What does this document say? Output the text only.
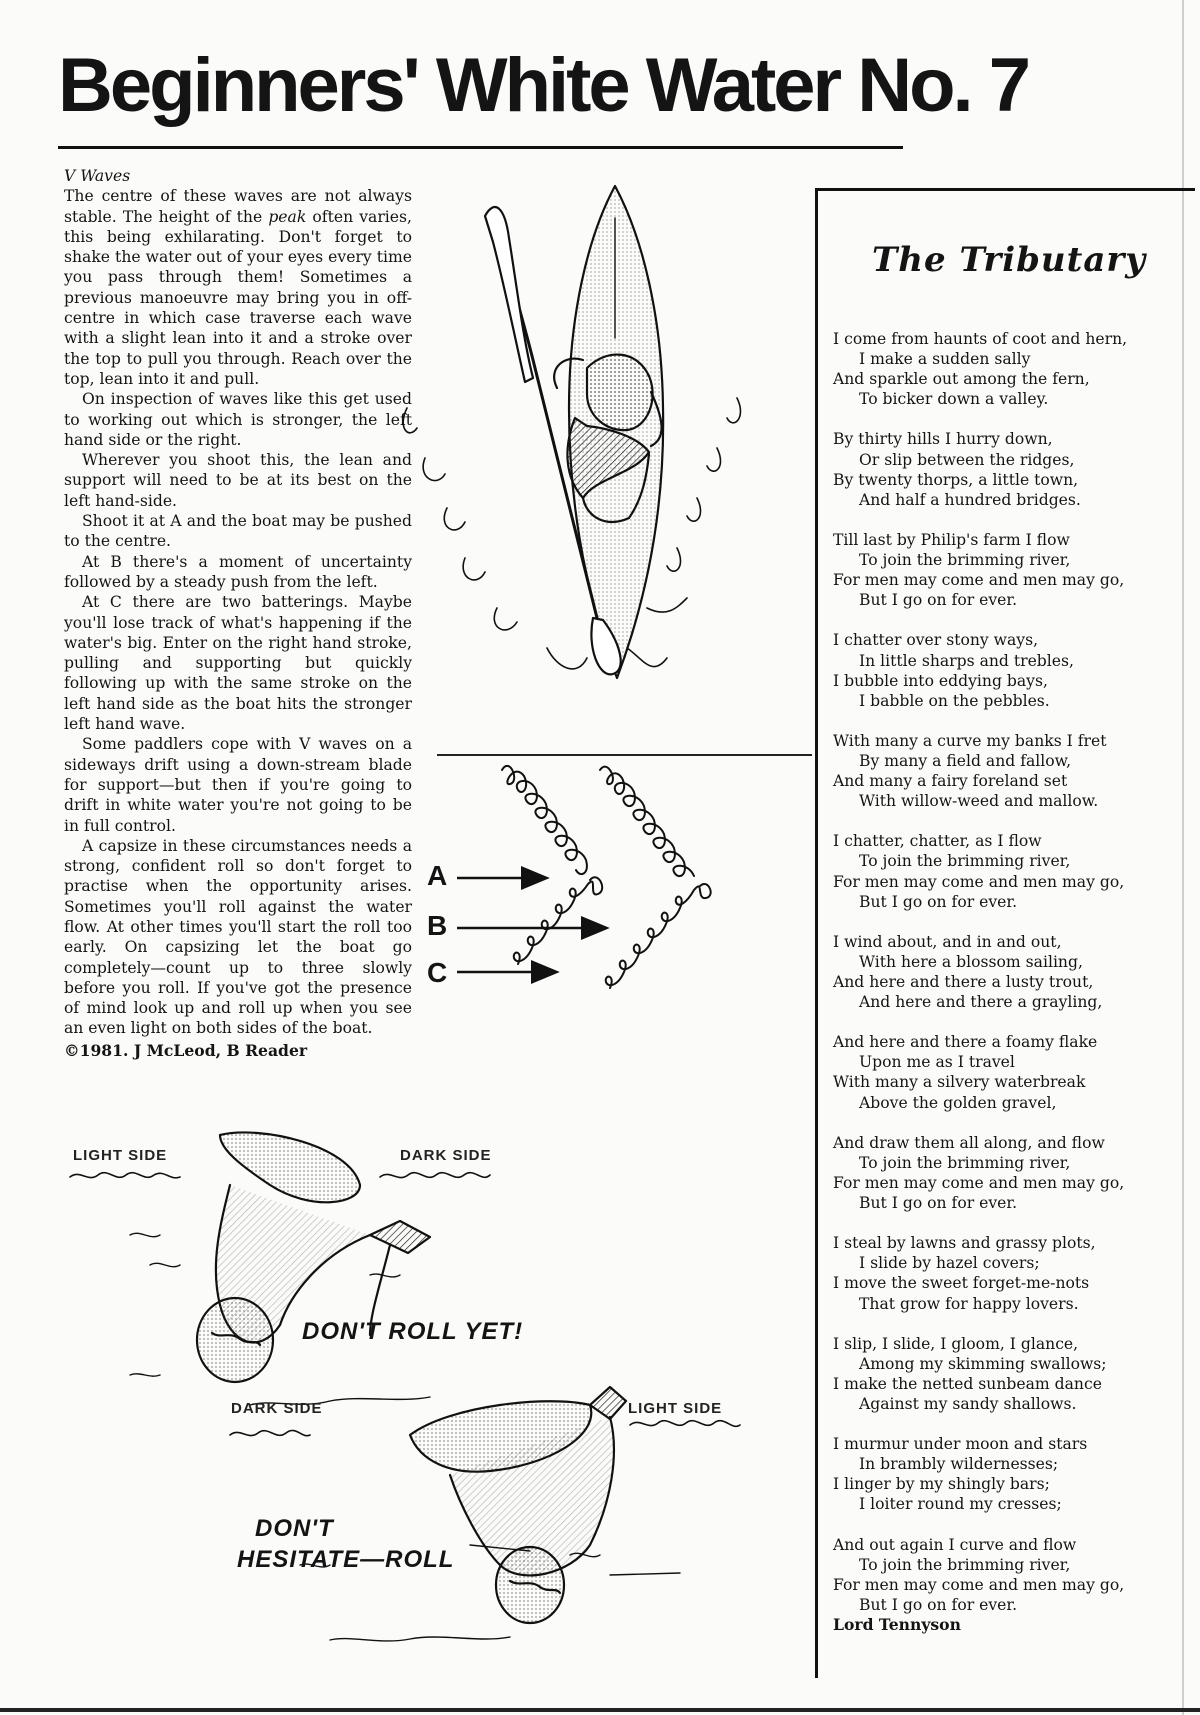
Beginners' White Water No. 7

V Waves

The centre of these waves are not always stable. The height of the peak often varies, this being exhilarating. Don't forget to shake the water out of your eyes every time you pass through them! Sometimes a previous manoeuvre may bring you in off-centre in which case traverse each wave with a slight lean into it and a stroke over the top to pull you through. Reach over the top, lean into it and pull.

On inspection of waves like this get used to working out which is stronger, the left hand side or the right.

Wherever you shoot this, the lean and support will need to be at its best on the left hand-side.

Shoot it at A and the boat may be pushed to the centre.

At B there's a moment of uncertainty followed by a steady push from the left.

At C there are two batterings. Maybe you'll lose track of what's happening if the water's big. Enter on the right hand stroke, pulling and supporting but quickly following up with the same stroke on the left hand side as the boat hits the stronger left hand wave.

Some paddlers cope with V waves on a sideways drift using a down-stream blade for support—but then if you're going to drift in white water you're not going to be in full control.

A capsize in these circumstances needs a strong, confident roll so don't forget to practise when the opportunity arises. Sometimes you'll roll against the water flow. At other times you'll start the roll too early. On capsizing let the boat go completely—count up to three slowly before you roll. If you've got the presence of mind look up and roll up when you see an even light on both sides of the boat.

©1981. J McLeod, B Reader

A
B
C
LIGHT SIDE	DARK SIDE
DON'T ROLL YET!
DARK SIDE	LIGHT SIDE
DON'T
HESITATE—ROLL
The Tributary
I come from haunts of coot and hern,
I make a sudden sally
And sparkle out among the fern,
To bicker down a valley.
By thirty hills I hurry down,
Or slip between the ridges,
By twenty thorps, a little town,
And half a hundred bridges.
Till last by Philip's farm I flow
To join the brimming river,
For men may come and men may go,
But I go on for ever.
I chatter over stony ways,
In little sharps and trebles,
I bubble into eddying bays,
I babble on the pebbles.
With many a curve my banks I fret
By many a field and fallow,
And many a fairy foreland set
With willow-weed and mallow.
I chatter, chatter, as I flow
To join the brimming river,
For men may come and men may go,
But I go on for ever.
I wind about, and in and out,
With here a blossom sailing,
And here and there a lusty trout,
And here and there a grayling,
And here and there a foamy flake
Upon me as I travel
With many a silvery waterbreak
Above the golden gravel,
And draw them all along, and flow
To join the brimming river,
For men may come and men may go,
But I go on for ever.
I steal by lawns and grassy plots,
I slide by hazel covers;
I move the sweet forget-me-nots
That grow for happy lovers.
I slip, I slide, I gloom, I glance,
Among my skimming swallows;
I make the netted sunbeam dance
Against my sandy shallows.
I murmur under moon and stars
In brambly wildernesses;
I linger by my shingly bars;
I loiter round my cresses;
And out again I curve and flow
To join the brimming river,
For men may come and men may go,
But I go on for ever.
Lord Tennyson
